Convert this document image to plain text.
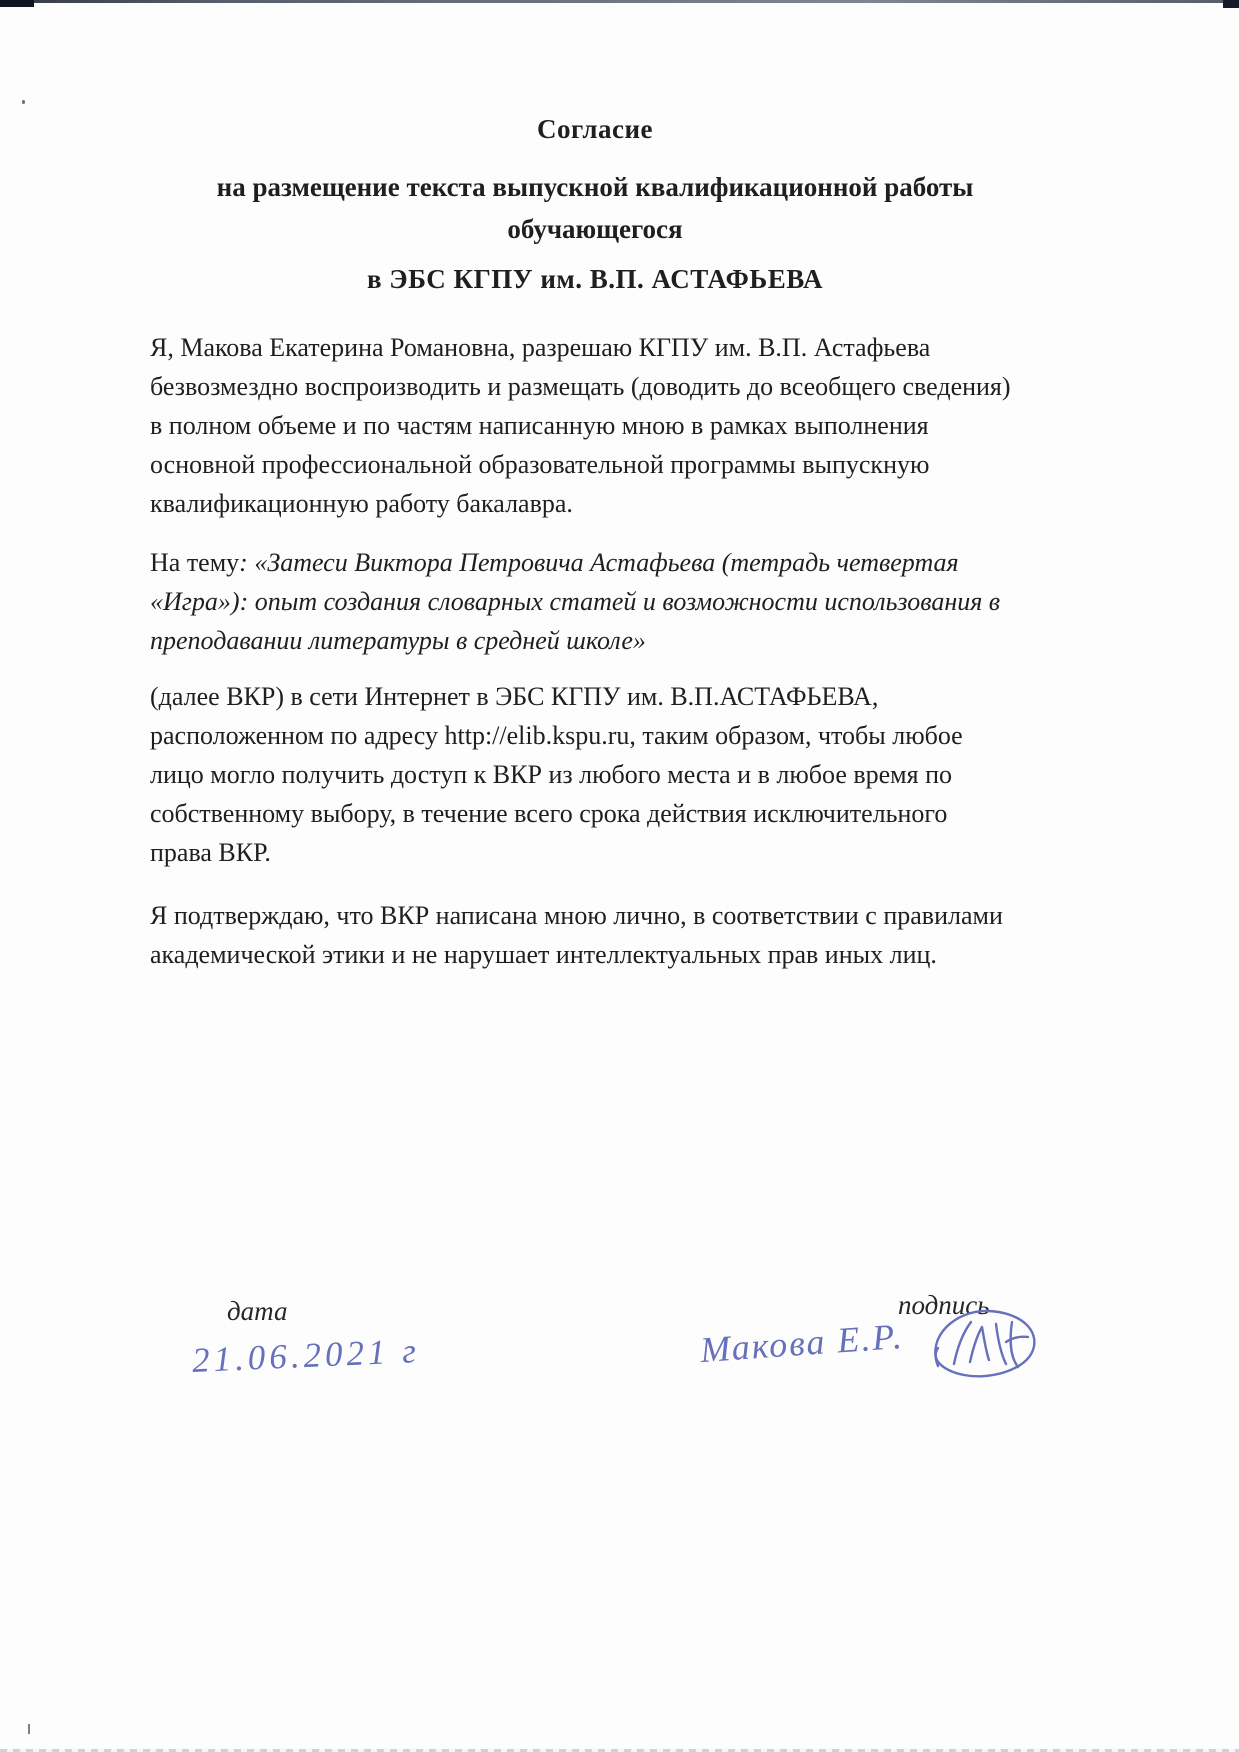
Согласие
на размещение текста выпускной квалификационной работы
обучающегося
в ЭБС КГПУ им. В.П. АСТАФЬЕВА
Я, Макова Екатерина Романовна, разрешаю КГПУ им. В.П. Астафьева
безвозмездно воспроизводить и размещать (доводить до всеобщего сведения)
в полном объеме и по частям написанную мною в рамках выполнения
основной профессиональной образовательной программы выпускную
квалификационную работу бакалавра.
На тему: «Затеси Виктора Петровича Астафьева (тетрадь четвертая
«Игра»): опыт создания словарных статей и возможности использования в
преподавании литературы в средней школе»
(далее ВКР) в сети Интернет в ЭБС КГПУ им. В.П.АСТАФЬЕВА,
расположенном по адресу http://elib.kspu.ru, таким образом, чтобы любое
лицо могло получить доступ к ВКР из любого места и в любое время по
собственному выбору, в течение всего срока действия исключительного
права ВКР.
Я подтверждаю, что ВКР написана мною лично, в соответствии с правилами
академической этики и не нарушает интеллектуальных прав иных лиц.
дата
21.06.2021 г
подпись
Макова Е.Р.
